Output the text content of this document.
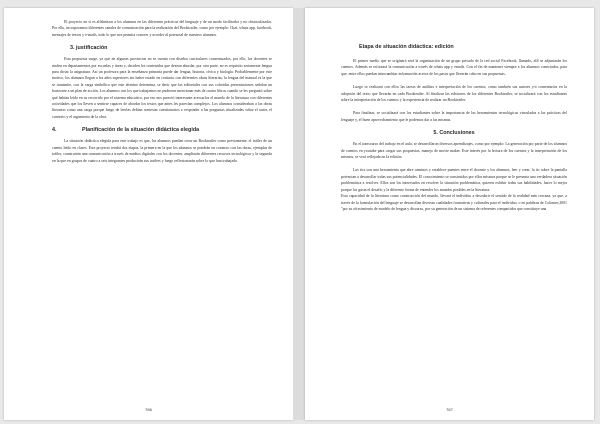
El proyecto en sí es alfabetizar a los alumnos en las diferentes prácticas del lenguaje y de un modo facilitador y no obstaculizador. Por ello, incorporamos diferentes canales de comunicación para la realización del Booktrailer, como por ejemplo: Chat, whats app, facebook, mensajes de textos y e-mails, todo lo que nos permita conocer y acceder al potencial de nuestros alumnos.

3. justificación

Esta propuesta surge, ya que en algunas provincias no se cuenta con diseños curriculares consensuados, por ello, los docentes se rinden en departamentos por escuelas y áreas y, deciden los contenidos que desean abordar, por otra parte, no es requisito seriamente lengua para dictar la asignatura. Así un profesora para la enseñanza primaria puede dar lengua, historia, cívica y biología. Probablemente por este motivo, los alumnos llegan a los años superiores sin haber estado en contacto con diferentes obras literarias, la lengua del manual es la que se transmite, con la carga simbólica que este término determina, se decir que las editoriales con sus coloridas presentaciones señalan un horizonte a un plan de acción. Los alumnos con los que trabajamos no pudieron mencionar más de cuatro libros cuando se les preguntó sobre qué habían leído en su recorrido por el sistema educativo, por eso nos pareció interesante acercarlos el mundo de la literatura con diferentes actividades que los lleven a sentirse capaces de abordar los textos que antes les parecían complejos. Los alumnos consideraban a las obras literarias como una carga porque luego de leerlas debían contestar cuestionarios o responder a las preguntas ritualizadas sobre el autor, el contexto y el argumento de la obra.

4.	Planificación de la situación didáctica elegida

La situación didáctica elegida para este trabajo es que, los alumnos puedan crear un Booktrailer como previamente, el tráiler de un cuento leído en clases. Este proyecto tendrá dos etapas, la primera en la que los alumnos se pondrán en contacto con las obras, ejemplos de tráiler, construirán una comunicación a través de medios digitales con los docentes, ampliarán diferentes recursos tecnológicos y la segunda en la que en grupos de cuatro a seis integrantes producirán sus trailers y luego reflexionarán sobre lo que han trabajado.

766
Etapa de situación didáctica: edición

El primer medio que se originará será la organización de un grupo privado de la red social Facebook, llamado, allí se adjuntarán los cuentos. Además se reforzará la comunicación a través de whats app y emails. Con el fin de mantener siempre a los alumnos conectados, para que, entre ellos puedan intercambiar información acerca de los pasos que llevarán cabo en sus propuestas.

Luego se realizará con ellos las tareas de análisis e interpretación de los cuentos, como también sus autores y/o comentarios en la adopción del texto que llevarán en cada Booktrailer. Al finalizar las ediciones de los diferentes Booktrailer, se socializará con los estudiantes sobre la interpretación de los cuentos y la experiencia de realizar un Booktrailer.

Para finalizar, se socializará con los estudiantes sobre la importancia de las herramientas tecnológicas vinculadas a las prácticas del lenguaje y, el buen aprovechamiento que le podemos dar a las mismas.

5. Conclusiones

En el transcurso del trabajo en el aula, se desarrollaron diversos aprendizajes, como por ejemplo: La generación por parte de los alumnos de cuentos en youtube para cargar sus propuestas, manejo de movie maker. Este interés por la lectura de los cuentos y la interpretación de los mismos, se verá reflejada en la edición.

Las tics son una herramienta que abre caminos y establece puentes entre el docente y los alumnos, leer y crear, la tic sobre la pantalla potencian a desarrollar todas sus potencialidades. El conocimiento se construidos por ellos mismos porque se le presenta una verdadera situación problemática a resolver. Ellos son los interesados en resolver la situación problemática, quieren exhibir todas sus habilidades, hacer lo mejor porque los gusta el desafío y la diferente forma de entender los mundos posibles en la literatura.

Esta capacidad de la literatura como construcción del mundo, llevará el individuo a descubrir el sentido de la realidad más cercana, ya que, a través de la formulación del lenguaje se desarrollan diversas cualidades formativas y culturales para el individuo, o en palabras de Colomer,2001 "por su ofrecimiento de modelo de lengua y discurso, por su generación de un sistema de referentes compartidos que constituye una

767
